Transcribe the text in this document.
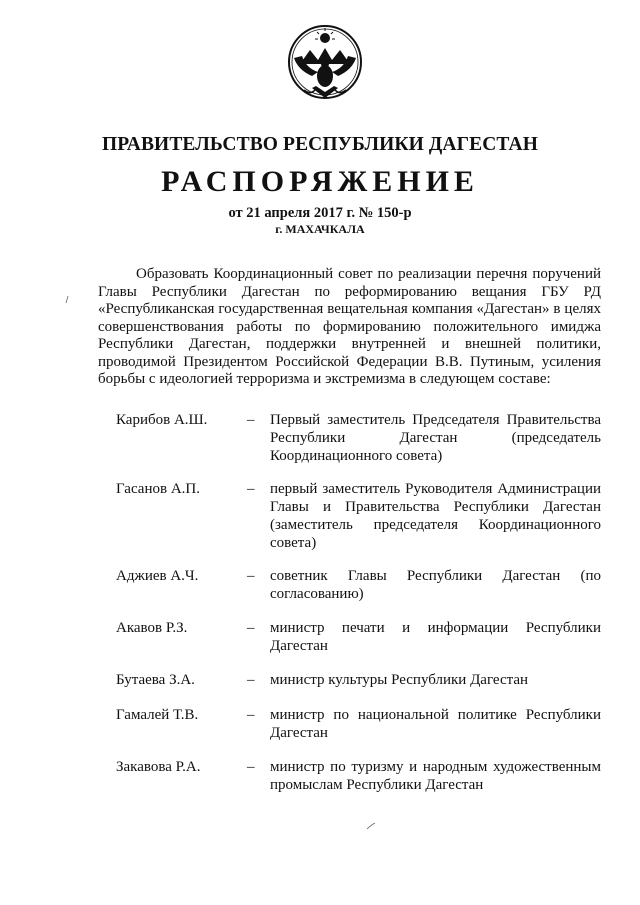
ПРАВИТЕЛЬСТВО РЕСПУБЛИКИ ДАГЕСТАН
РАСПОРЯЖЕНИЕ
от 21 апреля 2017 г. № 150-р
г. МАХАЧКАЛА

Образовать Координационный совет по реализации перечня поручений Главы Республики Дагестан по реформированию вещания ГБУ РД «Республиканская государственная вещательная компания «Дагестан» в целях совершенствования работы по формированию положительного имиджа Республики Дагестан, поддержки внутренней и внешней политики, проводимой Президентом Российской Федерации В.В. Путиным, усиления борьбы с идеологией терроризма и экстремизма в следующем составе:

Карибов А.Ш.	– Первый заместитель Председателя Правительства Республики Дагестан (председатель Координационного совета)
Гасанов А.П.	– первый заместитель Руководителя Администрации Главы и Правительства Республики Дагестан (заместитель председателя Координационного совета)
Аджиев А.Ч.	– советник Главы Республики Дагестан (по согласованию)
Акавов Р.З.	– министр печати и информации Республики Дагестан
Бутаева З.А.	– министр культуры Республики Дагестан
Гамалей Т.В.	– министр по национальной политике Республики Дагестан
Закавова Р.А.	– министр по туризму и народным художественным промыслам Республики Дагестан
